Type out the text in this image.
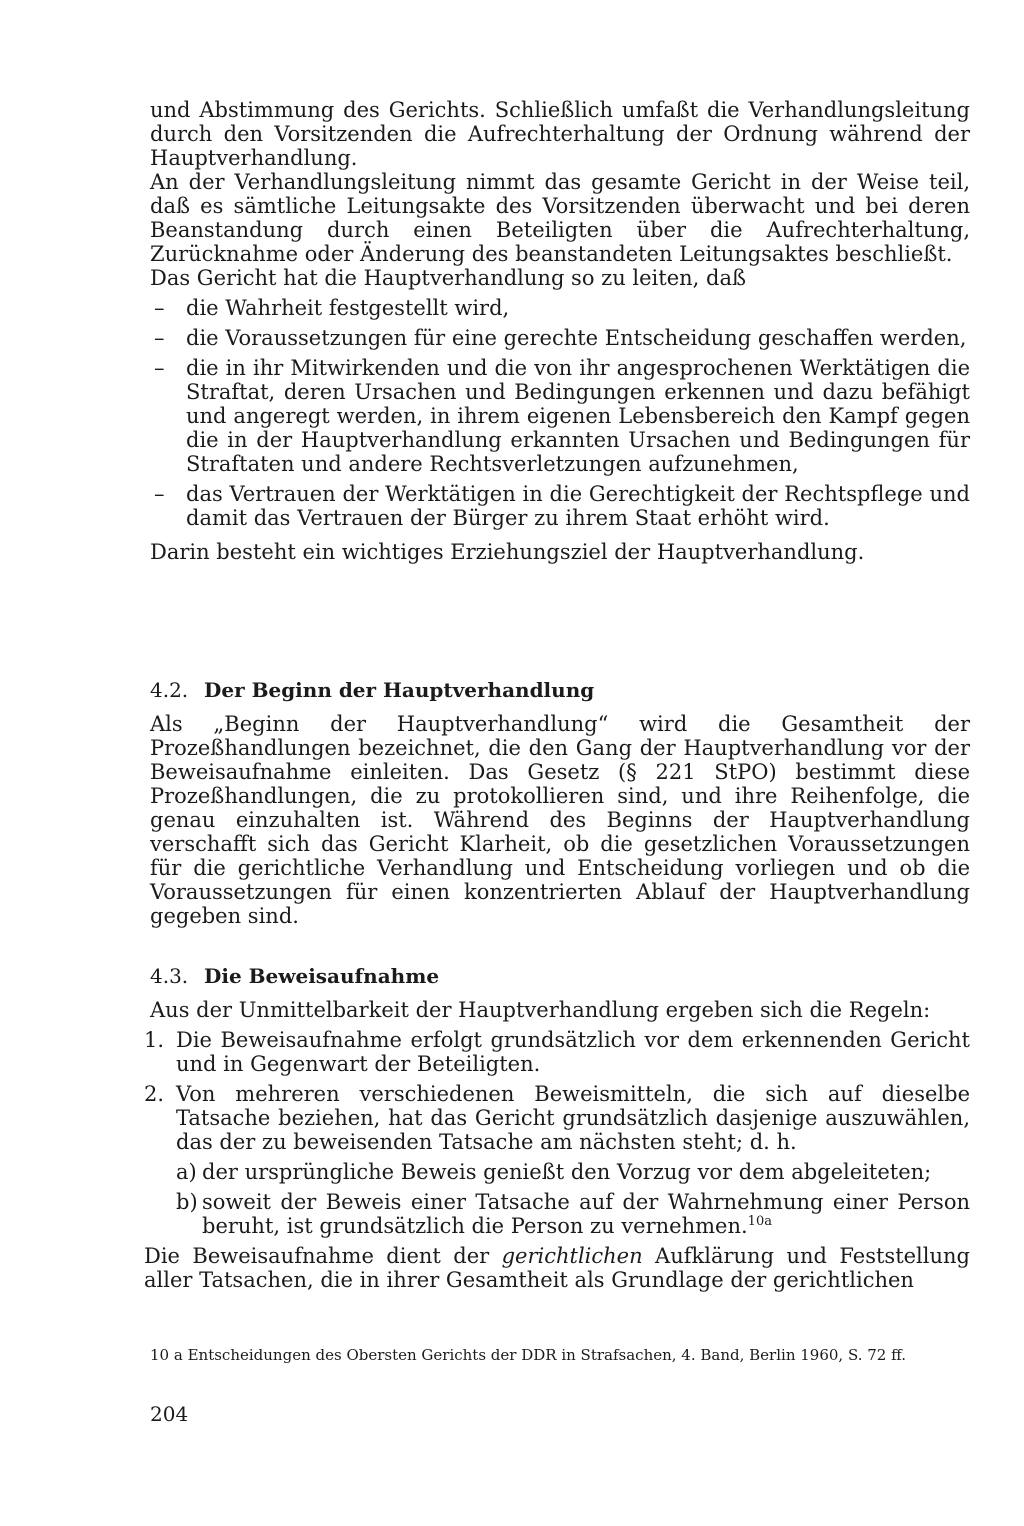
und Abstimmung des Gerichts. Schließlich umfaßt die Verhandlungsleitung durch den Vorsitzenden die Aufrechterhaltung der Ordnung während der Hauptverhandlung.

An der Verhandlungsleitung nimmt das gesamte Gericht in der Weise teil, daß es sämtliche Leitungsakte des Vorsitzenden überwacht und bei deren Beanstandung durch einen Beteiligten über die Aufrechterhaltung, Zurücknahme oder Änderung des beanstandeten Leitungsaktes beschließt.

Das Gericht hat die Hauptverhandlung so zu leiten, daß

– die Wahrheit festgestellt wird,
– die Voraussetzungen für eine gerechte Entscheidung geschaffen werden,
– die in ihr Mitwirkenden und die von ihr angesprochenen Werktätigen die Straftat, deren Ursachen und Bedingungen erkennen und dazu befähigt und angeregt werden, in ihrem eigenen Lebensbereich den Kampf gegen die in der Hauptverhandlung erkannten Ursachen und Bedingungen für Straftaten und andere Rechtsverletzungen aufzunehmen,
– das Vertrauen der Werktätigen in die Gerechtigkeit der Rechtspflege und damit das Vertrauen der Bürger zu ihrem Staat erhöht wird.

Darin besteht ein wichtiges Erziehungsziel der Hauptverhandlung.

4.2. Der Beginn der Hauptverhandlung

Als „Beginn der Hauptverhandlung“ wird die Gesamtheit der Prozeßhandlungen bezeichnet, die den Gang der Hauptverhandlung vor der Beweisaufnahme einleiten. Das Gesetz (§ 221 StPO) bestimmt diese Prozeßhandlungen, die zu protokollieren sind, und ihre Reihenfolge, die genau einzuhalten ist. Während des Beginns der Hauptverhandlung verschafft sich das Gericht Klarheit, ob die gesetzlichen Voraussetzungen für die gerichtliche Verhandlung und Entscheidung vorliegen und ob die Voraussetzungen für einen konzentrierten Ablauf der Hauptverhandlung gegeben sind.

4.3. Die Beweisaufnahme

Aus der Unmittelbarkeit der Hauptverhandlung ergeben sich die Regeln:

1. Die Beweisaufnahme erfolgt grundsätzlich vor dem erkennenden Gericht und in Gegenwart der Beteiligten.
2. Von mehreren verschiedenen Beweismitteln, die sich auf dieselbe Tatsache beziehen, hat das Gericht grundsätzlich dasjenige auszuwählen, das der zu beweisenden Tatsache am nächsten steht; d. h.
a) der ursprüngliche Beweis genießt den Vorzug vor dem abgeleiteten;
b) soweit der Beweis einer Tatsache auf der Wahrnehmung einer Person beruht, ist grundsätzlich die Person zu vernehmen.$^{10a}$

Die Beweisaufnahme dient der gerichtlichen Aufklärung und Feststellung aller Tatsachen, die in ihrer Gesamtheit als Grundlage der gerichtlichen

10 a Entscheidungen des Obersten Gerichts der DDR in Strafsachen, 4. Band, Berlin 1960, S. 72 ff.
204
